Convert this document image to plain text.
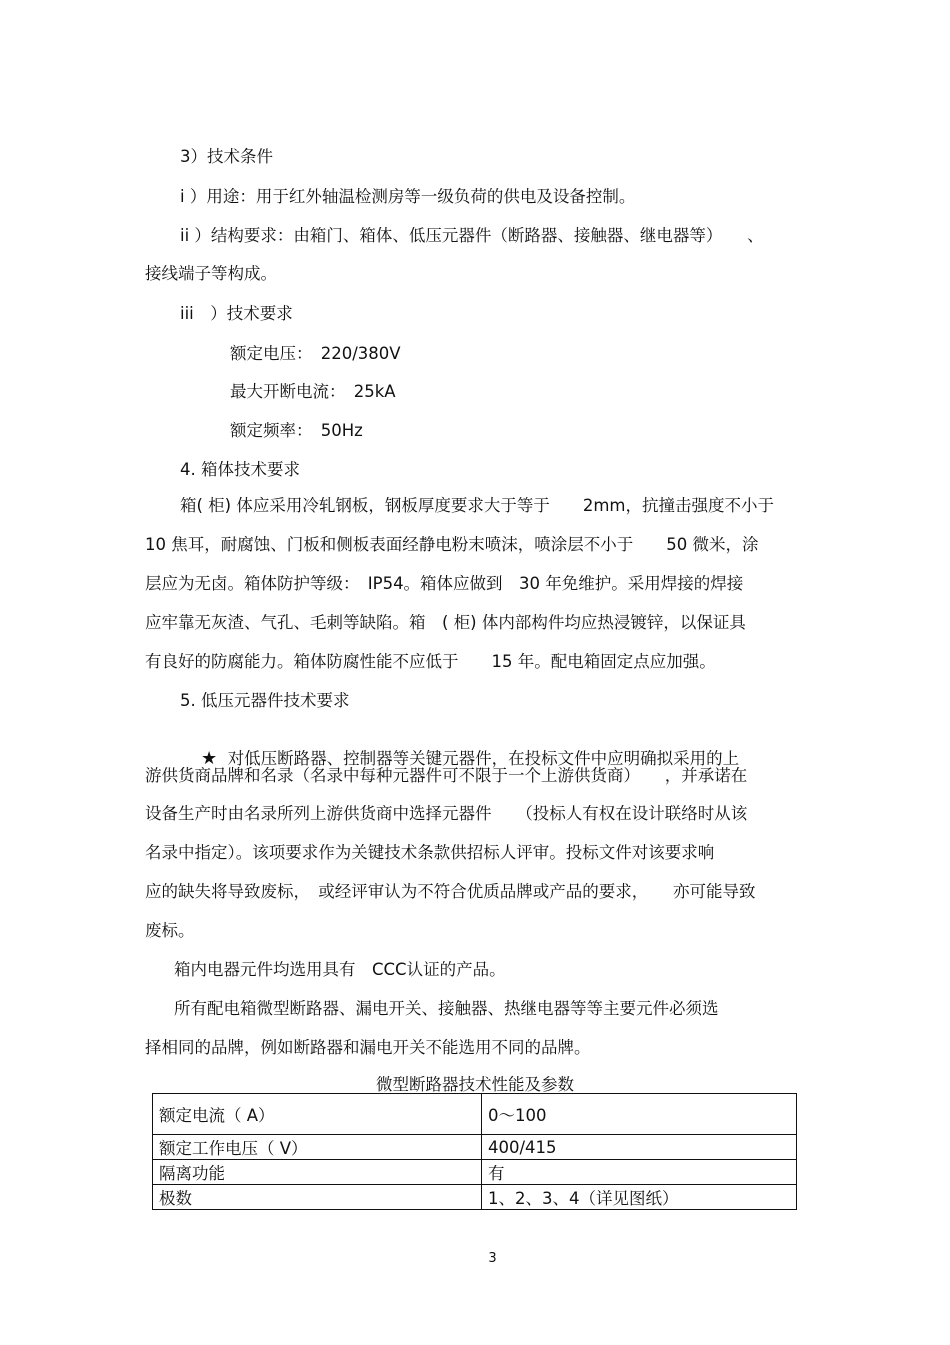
3）技术条件
i ）用途：用于红外轴温检测房等一级负荷的供电及设备控制。
ii ）结构要求：由箱门、箱体、低压元器件（断路器、接触器、继电器等）　　、
接线端子等构成。
iii　）技术要求
额定电压：　220/380V
最大开断电流：　25kA
额定频率：　50Hz
4. 箱体技术要求
箱( 柜) 体应采用冷轧钢板，钢板厚度要求大于等于　　2mm，抗撞击强度不小于
10 焦耳，耐腐蚀、门板和侧板表面经静电粉末喷沫，喷涂层不小于　　50 微米，涂
层应为无卤。箱体防护等级：　IP54。箱体应做到　30 年免维护。采用焊接的焊接
应牢靠无灰渣、气孔、毛刺等缺陷。箱　( 柜) 体内部构件均应热浸镀锌，以保证具
有良好的防腐能力。箱体防腐性能不应低于　　15 年。配电箱固定点应加强。
5. 低压元器件技术要求

★ 对低压断路器、控制器等关键元器件，在投标文件中应明确拟采用的上

游供货商品牌和名录（名录中每种元器件可不限于一个上游供货商）　　，并承诺在
设备生产时由名录所列上游供货商中选择元器件　　（投标人有权在设计联络时从该
名录中指定）。该项要求作为关键技术条款供招标人评审。投标文件对该要求响
应的缺失将导致废标，　或经评审认为不符合优质品牌或产品的要求，　　亦可能导致
废标。
箱内电器元件均选用具有　CCC认证的产品。
所有配电箱微型断路器、漏电开关、接触器、热继电器等等主要元件必须选
择相同的品牌，例如断路器和漏电开关不能选用不同的品牌。
微型断路器技术性能及参数
额定电流（ A）	0～100
额定工作电压（ V）	400/415
隔离功能	有
极数	1、2、3、4（详见图纸）
3
